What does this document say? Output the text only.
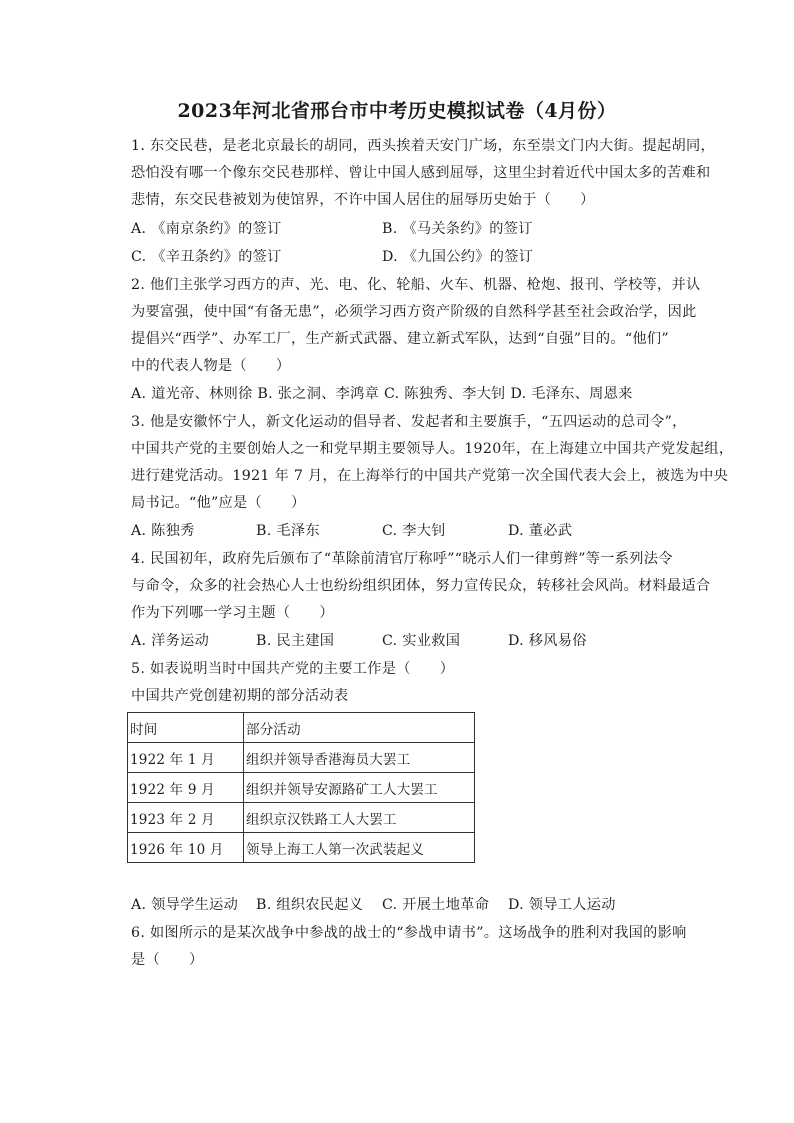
2023年河北省邢台市中考历史模拟试卷（4月份）
1. 东交民巷，是老北京最长的胡同，西头挨着天安门广场，东至崇文门内大街。提起胡同，
恐怕没有哪一个像东交民巷那样、曾让中国人感到屈辱，这里尘封着近代中国太多的苦难和
悲情，东交民巷被划为使馆界，不许中国人居住的屈辱历史始于（　　）
A. 《南京条约》的签订	B. 《马关条约》的签订
C. 《辛丑条约》的签订	D. 《九国公约》的签订
2. 他们主张学习西方的声、光、电、化、轮船、火车、机器、枪炮、报刊、学校等，并认
为要富强，使中国“有备无患”，必须学习西方资产阶级的自然科学甚至社会政治学，因此
提倡兴“西学”、办军工厂，生产新式武器、建立新式军队，达到“自强”目的。“他们”
中的代表人物是（　　）
A. 道光帝、林则徐 B. 张之洞、李鸿章 C. 陈独秀、李大钊 D. 毛泽东、周恩来
3. 他是安徽怀宁人，新文化运动的倡导者、发起者和主要旗手，“五四运动的总司令”，
中国共产党的主要创始人之一和党早期主要领导人。1920年，在上海建立中国共产党发起组，
进行建党活动。1921 年 7 月，在上海举行的中国共产党第一次全国代表大会上，被选为中央
局书记。“他”应是（　　）
A. 陈独秀	B. 毛泽东	C. 李大钊	D. 董必武
4. 民国初年，政府先后颁布了“革除前清官厅称呼”“晓示人们一律剪辫”等一系列法令
与命令，众多的社会热心人士也纷纷组织团体，努力宣传民众，转移社会风尚。材料最适合
作为下列哪一学习主题（　　）
A. 洋务运动	B. 民主建国	C. 实业救国	D. 移风易俗
5. 如表说明当时中国共产党的主要工作是（　　）
中国共产党创建初期的部分活动表
时间	部分活动
1922 年 1 月	组织并领导香港海员大罢工
1922 年 9 月	组织并领导安源路矿工人大罢工
1923 年 2 月	组织京汉铁路工人大罢工
1926 年 10 月	领导上海工人第一次武装起义
A. 领导学生运动 B. 组织农民起义 C. 开展土地革命 D. 领导工人运动
6. 如图所示的是某次战争中参战的战士的“参战申请书”。这场战争的胜利对我国的影响
是（　　）
